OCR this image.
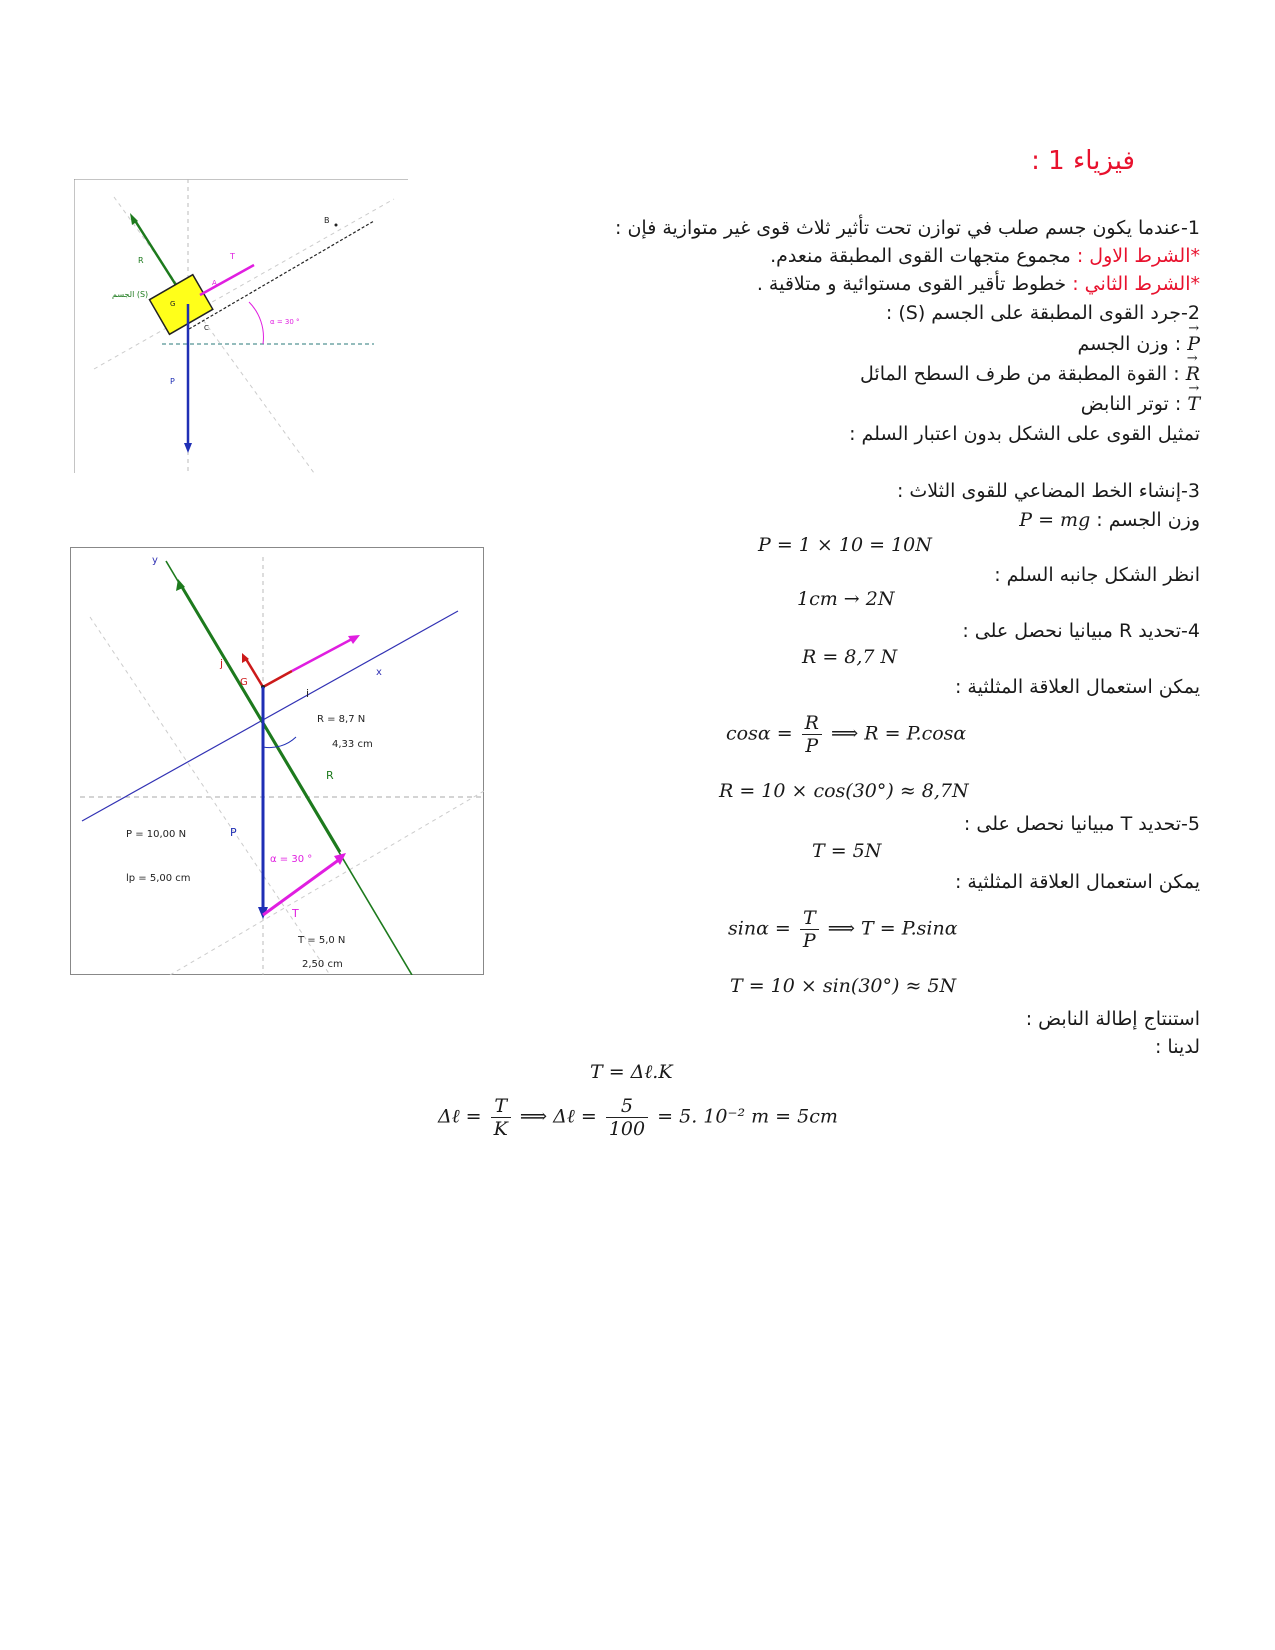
فيزياء 1 :
1-عندما يكون جسم صلب في توازن تحت تأثير ثلاث قوى غير متوازية فإن :
*الشرط الاول : مجموع متجهات القوى المطبقة منعدم.
*الشرط الثاني : خطوط تأقير القوى مستوائية و متلاقية .
2-جرد القوى المطبقة على الجسم (S) :
→ P : وزن الجسم
→ R : القوة المطبقة من طرف السطح المائل
→ T : توتر النابض
تمثيل القوى على الشكل بدون اعتبار السلم :
3-إنشاء الخط المضاعي للقوى الثلاث :
وزن الجسم : P = mg
P = 1 × 10 = 10N
انظر الشكل جانبه السلم :
1cm → 2N
4-تحديد R مبيانيا نحصل على :
R = 8,7 N
يمكن استعمال العلاقة المثلثية :
$\cos\alpha = \frac{R}{P}$ ⟹ R = P.cosα
R = 10 × cos(30°) ≈ 8,7N
5-تحديد T مبيانيا نحصل على :
T = 5N
يمكن استعمال العلاقة المثلثية :
$\sin\alpha = \frac{T}{P}$ ⟹ T = P.sinα
T = 10 × sin(30°) ≈ 5N
استنتاج إطالة النابض :
لدينا :
T = Δℓ.K
Δℓ = $\frac{T}{K}$ ⟹ Δℓ = $\frac{5}{100} = 5$. 10⁻² m = 5cm
α = 30 °
R
G
C
الجسم (S)
T
A
P
B
x
y
j
i
G
R = 8,7 N
4,33 cm
R
P = 10,00 N	P
lp = 5,00 cm
α = 30 °
T
T = 5,0 N
2,50 cm
